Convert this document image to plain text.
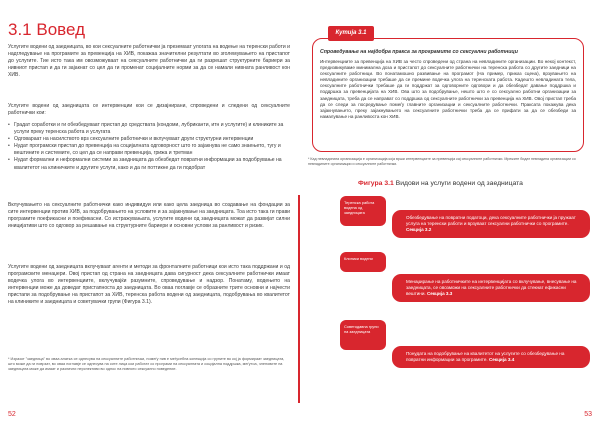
3.1 Вовед

Услугите водени од заедницата, во кои сексуалните работнички ја преземаат улогата на водење на теренски работи и надгледување на програмите за превенција на ХИВ, покажаа значителни резултати во зголемувањето на пристапот до услугите. Тие исто така им овозможуваат на сексуалните работнички да ги разрешат структурните бариери за нивниот пристап и да ги зајакнат со цел да ги променат социјалните норми за да се намали нивната ранливост кон ХИВ.

Услугите водени од заедницата се интервенции кои се дизајнирани, спроведени и следени од сексуалните работнички кои:

• Градат соработки и ги обезбедуваат пристап до средствата (кондоми, лубриканти, итн и услугите) и клиниките за услуги преку теренска работа и услугата
• Одговараат на насилството врз сексуалните работнички и вклучуваат други структурни интервенции
• Нудат програмски пристап до превенција на социјалната одговорност што го зајакнува не само знаењето, тугу и вештините и системите, со цел да се направи превенција, грижа и третман
• Нудат формални и неформални системи за заедницата да обезбедат повратни информации за подобрување на квалитетот на клиничките и другите услуги, како и да ги поттикне да ги подобрат

Вклучувањето на сексуалните работнички како индивидуи или како цела заедница во создавање на фондации за сите интервенции против ХИВ, за подобрувањето на условите и за зајакнување на заедницата. Тоа исто така ги прави програмите поефикасни и поефикасни. Со истражувањата, услугите водени од заедницата можат да развијат силни иницијативи што со одговор за решавање на структурните бариери и основни услови за ранливост и ризик.

Услугите водени од заедницата вклучуваат агенти и методи за фронталните работници кои исто така поддржани и од програмските менаџери. Овој пристап од страна на заедницата дава сигурност дека сексуалните работнички имаат водечка улога во интервенциите, вклучувајќи разумните, спроведување и надзор. Понатаму, водењето на интервенции може да доведат пристапноста до заедницата. Во оваа поглавје се образните трите основни и најчести пристапи за подобрување на пристапот за ХИВ, теренска работа водени од заедницата, подобрувања во квалитетот на клиниките и заедницата и советувачки групи (Фигура 3.1).

* Изразот "заедница" во оваа алатка се однесува на сексуалните работнички, помеѓу нив е меѓусебна конекција со групите во кој ја формираат заедницата, што може да ги поврзат, во оваа поглавје се однесува на сите лица кои работат со програми на сексуалната и социјална поддршка, меѓутоа, членовите на заедницата може да имаат и различни перспективи во однос на нивното сексуално поведение.

52
Спроведување на најдобра пракса за програмите со сексуални работници
Интервенциите за превенција на ХИВ за често спроведени од страна на невладините организации. Во некој контекст, предизвикуваме минимална доза и пристапот до сексуалните работнички на теренска работа со другите заедници на сексуалните работници. Во понатамошно развивање на програмот (На пример, приказ сцена), врзувањето на невладините организации требаше да се премине водечка улога на теренската работа. Кадешто невладината тела, сексуалните работнички требаше да ги поддржат за одговорните одговори и да обезбедат давање поддршка и поддршка за превенцијата на ХИВ. Ова што за подобрување, нешто што е со сексуално работни организации за заедницата, треба да се направат со поддршка од сексуалните работнички за превенција на ХИВ. Овој пристап треба да се следи за посредување помеѓу главните организации и сексуалните работнички. Праксата покажува дека зајакнувањето, преку зајакнувањето на сексуалните работнички треба да се прифати за да се обезбеди за намалување на ранливоста кон ХИВ.
Кутија 3.1
* Кад невладината организација е организација која врши интервенциите за превенција кај сексуалните работнички. Мрежите бидат невладина организации со невладините организации и сексуалните работнички.
Фигура 3.1 Видови на услуги водени од заедницата
Теренска работа водена од заедницата
Обезбедување на повратни податоци, дека сексуалните работнички ја пружаат услуга на теренски работи и врзуваат сексуални работнички со програмите. Секција 3.2
Клиники водени
Менаџирање на работничките на интервенцијата со вклучување, внесување на заедницата, се овозможи на сексуалните работнички да стекнат ефикасни вештини. Секција 3.3
Советодавна групи на заедницата
Понудата на подобрување на квалитетот на услугите со обезбедување на повратни информации за програмите. Секција 3.4
53
